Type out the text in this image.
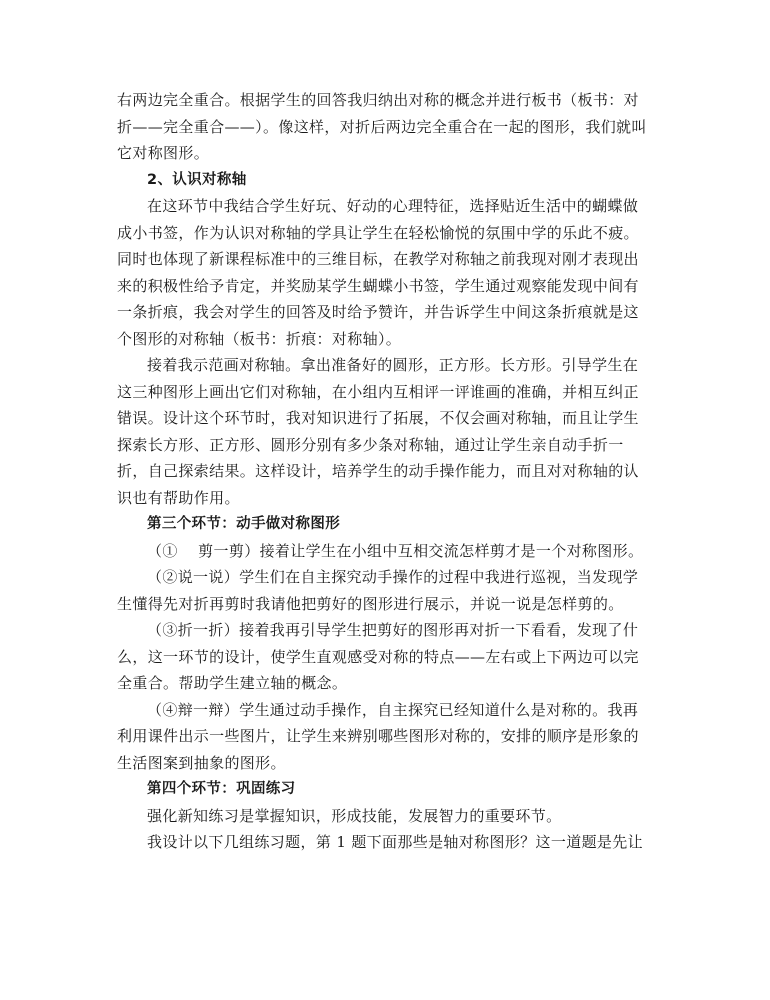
右两边完全重合。根据学生的回答我归纳出对称的概念并进行板书（板书：对
折——完全重合——）。像这样，对折后两边完全重合在一起的图形，我们就叫
它对称图形。
2、认识对称轴
在这环节中我结合学生好玩、好动的心理特征，选择贴近生活中的蝴蝶做
成小书签，作为认识对称轴的学具让学生在轻松愉悦的氛围中学的乐此不疲。
同时也体现了新课程标准中的三维目标，在教学对称轴之前我现对刚才表现出
来的积极性给予肯定，并奖励某学生蝴蝶小书签，学生通过观察能发现中间有
一条折痕，我会对学生的回答及时给予赞许，并告诉学生中间这条折痕就是这
个图形的对称轴（板书：折痕：对称轴）。
接着我示范画对称轴。拿出准备好的圆形，正方形。长方形。引导学生在
这三种图形上画出它们对称轴，在小组内互相评一评谁画的准确，并相互纠正
错误。设计这个环节时，我对知识进行了拓展，不仅会画对称轴，而且让学生
探索长方形、正方形、圆形分别有多少条对称轴，通过让学生亲自动手折一
折，自己探索结果。这样设计，培养学生的动手操作能力，而且对对称轴的认
识也有帮助作用。
第三个环节：动手做对称图形
（①　 剪一剪）接着让学生在小组中互相交流怎样剪才是一个对称图形。
（②说一说）学生们在自主探究动手操作的过程中我进行巡视，当发现学
生懂得先对折再剪时我请他把剪好的图形进行展示，并说一说是怎样剪的。
（③折一折）接着我再引导学生把剪好的图形再对折一下看看，发现了什
么，这一环节的设计，使学生直观感受对称的特点——左右或上下两边可以完
全重合。帮助学生建立轴的概念。
（④辩一辩）学生通过动手操作，自主探究已经知道什么是对称的。我再
利用课件出示一些图片，让学生来辨别哪些图形对称的，安排的顺序是形象的
生活图案到抽象的图形。
第四个环节：巩固练习
强化新知练习是掌握知识，形成技能，发展智力的重要环节。
我设计以下几组练习题，第 1 题下面那些是轴对称图形？这一道题是先让
